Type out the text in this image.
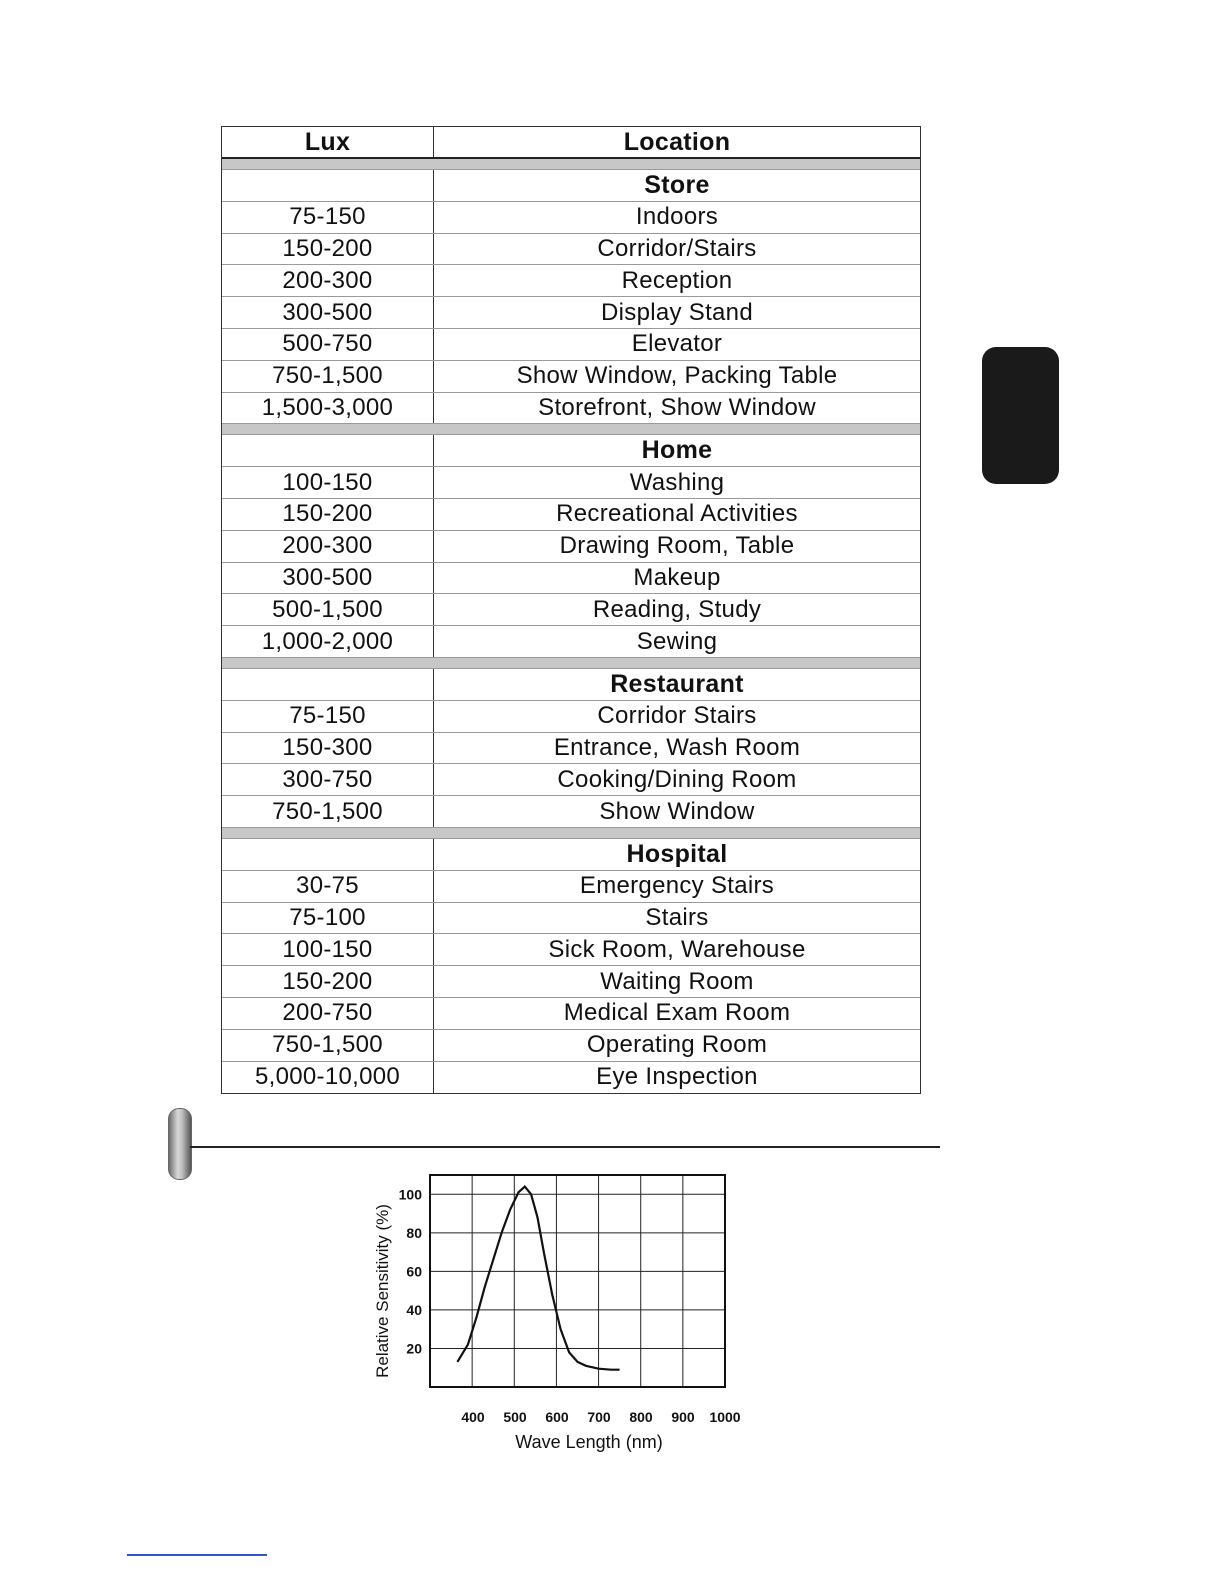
Lux	Location
Store
75-150	Indoors
150-200	Corridor/Stairs
200-300	Reception
300-500	Display Stand
500-750	Elevator
750-1,500	Show Window, Packing Table
1,500-3,000	Storefront, Show Window
Home
100-150	Washing
150-200	Recreational Activities
200-300	Drawing Room, Table
300-500	Makeup
500-1,500	Reading, Study
1,000-2,000	Sewing
Restaurant
75-150	Corridor Stairs
150-300	Entrance, Wash Room
300-750	Cooking/Dining Room
750-1,500	Show Window
Hospital
30-75	Emergency Stairs
75-100	Stairs
100-150	Sick Room, Warehouse
150-200	Waiting Room
200-750	Medical Exam Room
750-1,500	Operating Room
5,000-10,000	Eye Inspection
20
40
60
80
100
400 500 600 700 800 900 1000
Relative Sensitivity (%)
Wave Length (nm)
